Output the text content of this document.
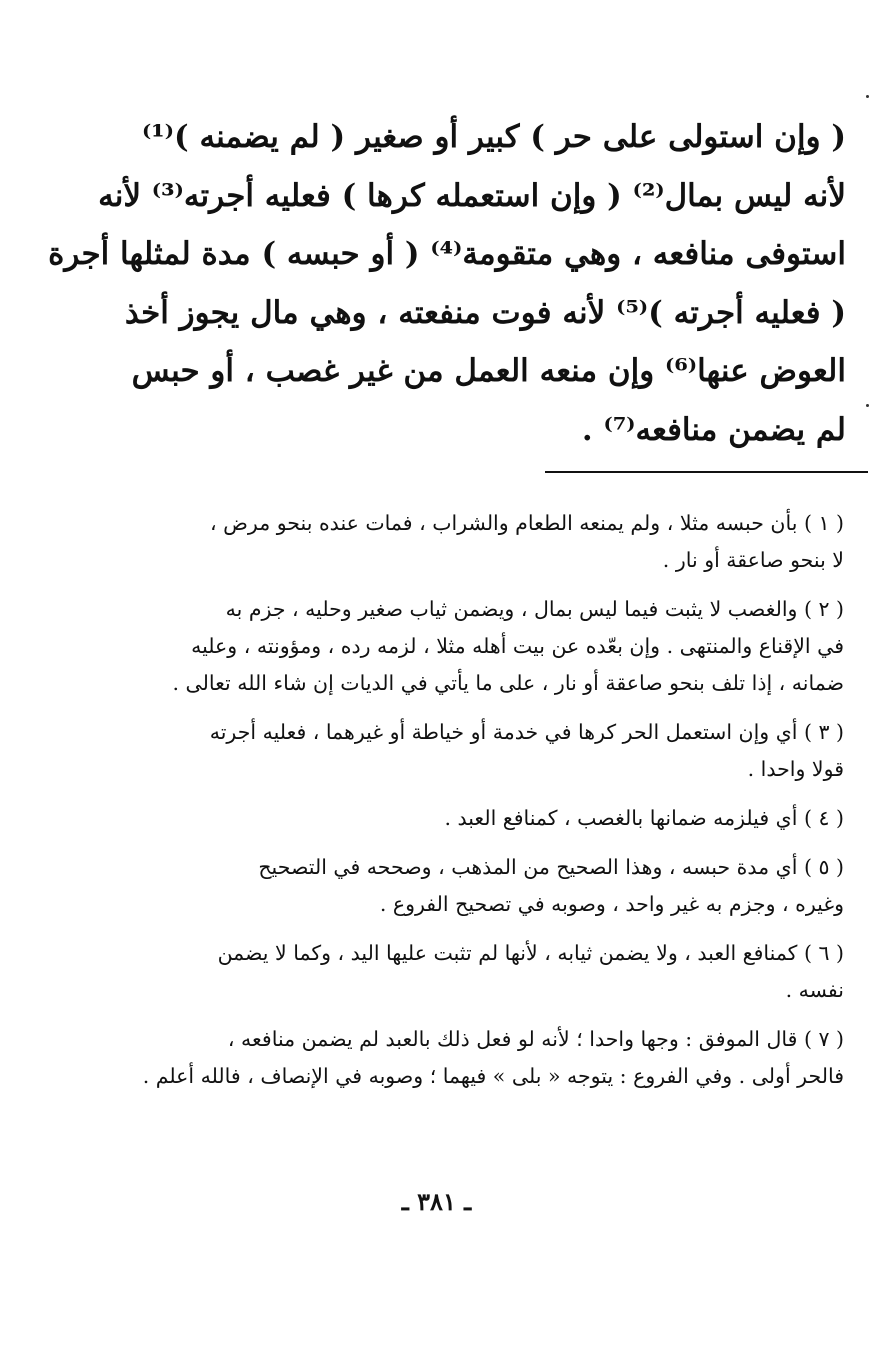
( وإن استولى على حر ) كبير أو صغير ( لم يضمنه )⁽¹⁾
لأنه ليس بمال⁽²⁾ ( وإن استعمله كرها ) فعليه أجرته⁽³⁾ لأنه
استوفى منافعه ، وهي متقومة⁽⁴⁾ ( أو حبسه ) مدة لمثلها أجرة
( فعليه أجرته )⁽⁵⁾ لأنه فوت منفعته ، وهي مال يجوز أخذ
العوض عنها⁽⁶⁾ وإن منعه العمل من غير غصب ، أو حبس
لم يضمن منافعه⁽⁷⁾ .
( ١ ) بأن حبسه مثلا ، ولم يمنعه الطعام والشراب ، فمات عنده بنحو مرض ،
لا بنحو صاعقة أو نار .
( ٢ ) والغصب لا يثبت فيما ليس بمال ، ويضمن ثياب صغير وحليه ، جزم به
في الإقناع والمنتهى . وإن بعّده عن بيت أهله مثلا ، لزمه رده ، ومؤونته ، وعليه
ضمانه ، إذا تلف بنحو صاعقة أو نار ، على ما يأتي في الديات إن شاء الله تعالى .
( ٣ ) أي وإن استعمل الحر كرها في خدمة أو خياطة أو غيرهما ، فعليه أجرته
قولا واحدا .
( ٤ ) أي فيلزمه ضمانها بالغصب ، كمنافع العبد .
( ٥ ) أي مدة حبسه ، وهذا الصحيح من المذهب ، وصححه في التصحيح
وغيره ، وجزم به غير واحد ، وصوبه في تصحيح الفروع .
( ٦ ) كمنافع العبد ، ولا يضمن ثيابه ، لأنها لم تثبت عليها اليد ، وكما لا يضمن
نفسه .
( ٧ ) قال الموفق : وجها واحدا ؛ لأنه لو فعل ذلك بالعبد لم يضمن منافعه ،
فالحر أولى . وفي الفروع : يتوجه « بلى » فيهما ؛ وصوبه في الإنصاف ، فالله أعلم .
ـ ٣٨١ ـ
